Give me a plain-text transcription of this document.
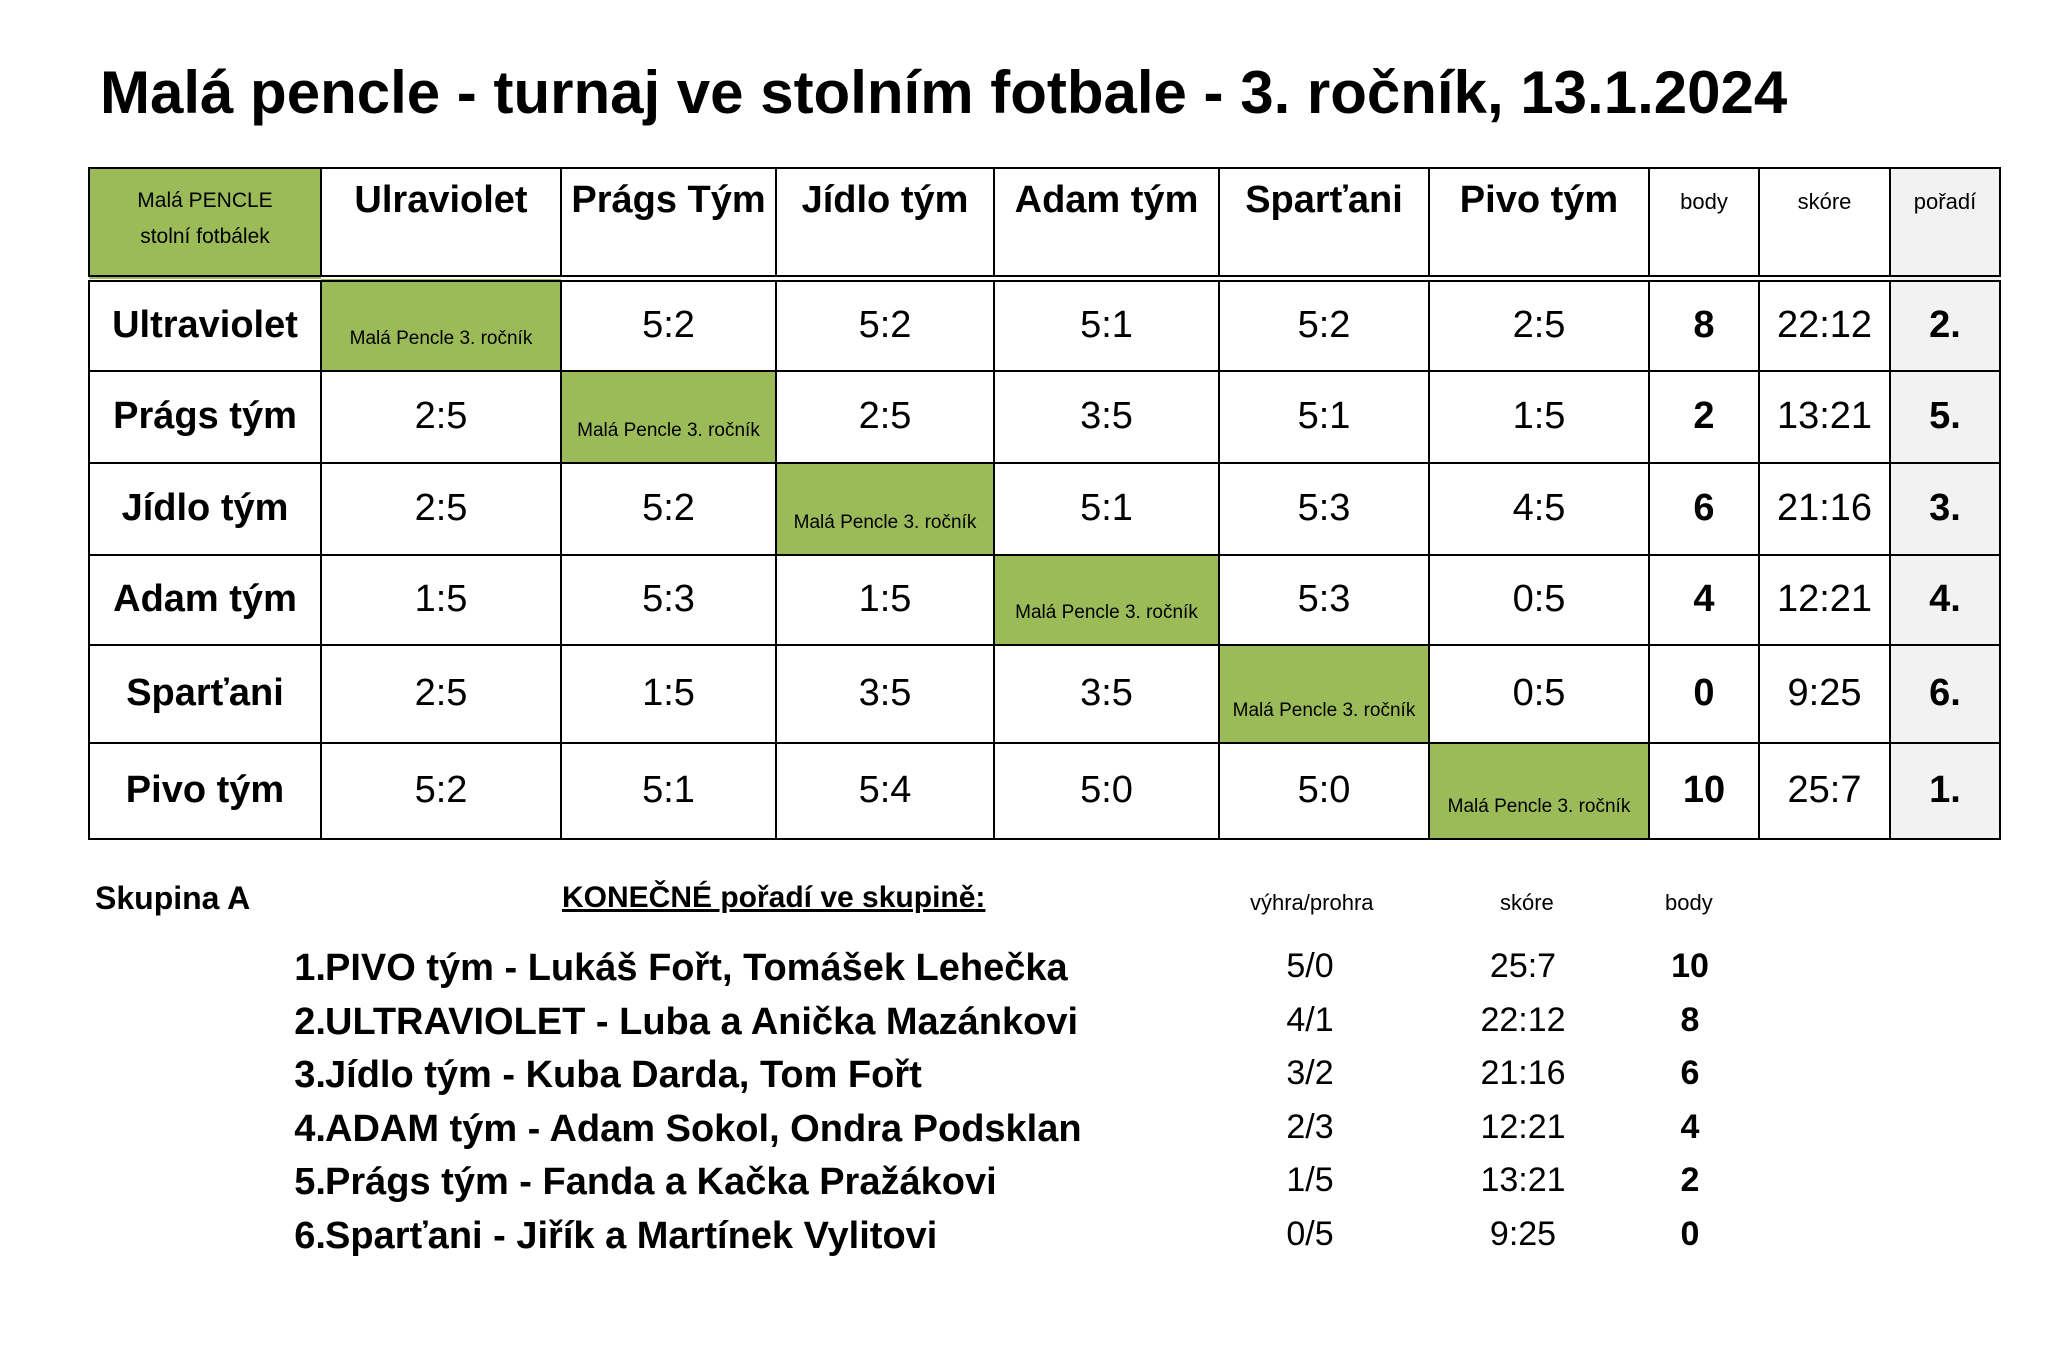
Malá pencle - turnaj ve stolním fotbale - 3. ročník, 13.1.2024
Malá PENCLE
stolní fotbálek	Ulraviolet	Prágs Tým	Jídlo tým	Adam tým	Sparťani	Pivo tým	body	skóre	pořadí
Ultraviolet	Malá Pencle 3. ročník	5:2	5:2	5:1	5:2	2:5	8	22:12	2.
Prágs tým	2:5	Malá Pencle 3. ročník	2:5	3:5	5:1	1:5	2	13:21	5.
Jídlo tým	2:5	5:2	Malá Pencle 3. ročník	5:1	5:3	4:5	6	21:16	3.
Adam tým	1:5	5:3	1:5	Malá Pencle 3. ročník	5:3	0:5	4	12:21	4.
Sparťani	2:5	1:5	3:5	3:5	Malá Pencle 3. ročník	0:5	0	9:25	6.
Pivo tým	5:2	5:1	5:4	5:0	5:0	Malá Pencle 3. ročník	10	25:7	1.
Skupina A	KONEČNÉ pořadí ve skupině:	výhra/prohra	skóre	body
1. PIVO tým - Lukáš Fořt, Tomášek Lehečka	5/0	25:7	10
2. ULTRAVIOLET - Luba a Anička Mazánkovi	4/1	22:12	8
3. Jídlo tým - Kuba Darda, Tom Fořt	3/2	21:16	6
4. ADAM tým - Adam Sokol, Ondra Podsklan	2/3	12:21	4
5. Prágs tým - Fanda a Kačka Pražákovi	1/5	13:21	2
6. Sparťani - Jiřík a Martínek Vylitovi	0/5	9:25	0
